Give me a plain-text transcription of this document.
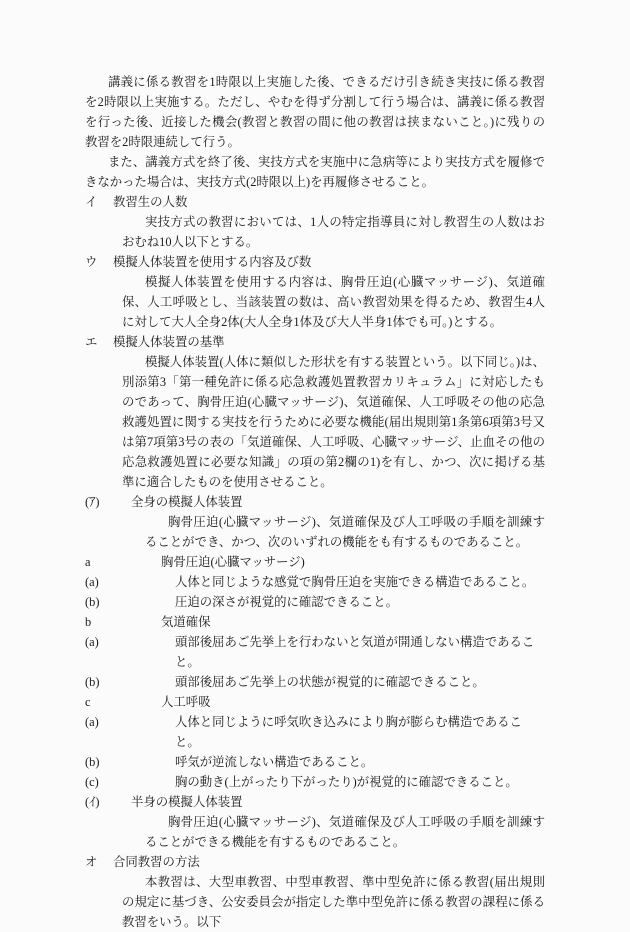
講義に係る教習を1時限以上実施した後、できるだけ引き続き実技に係る教習を2時限以上実施する。ただし、やむを得ず分割して行う場合は、講義に係る教習を行った後、近接した機会(教習と教習の間に他の教習は挟まないこと。)に残りの教習を2時限連続して行う。
また、講義方式を終了後、実技方式を実施中に急病等により実技方式を履修できなかった場合は、実技方式(2時限以上)を再履修させること。
イ 教習生の人数
実技方式の教習においては、1人の特定指導員に対し教習生の人数はおおむね10人以下とする。
ウ 模擬人体装置を使用する内容及び数
模擬人体装置を使用する内容は、胸骨圧迫(心臓マッサージ)、気道確保、人工呼吸とし、当該装置の数は、高い教習効果を得るため、教習生4人に対して大人全身2体(大人全身1体及び大人半身1体でも可。)とする。
エ 模擬人体装置の基準
模擬人体装置(人体に類似した形状を有する装置という。以下同じ。)は、別添第3「第一種免許に係る応急救護処置教習カリキュラム」に対応したものであって、胸骨圧迫(心臓マッサージ)、気道確保、人工呼吸その他の応急救護処置に関する実技を行うために必要な機能(届出規則第1条第6項第3号又は第7項第3号の表の「気道確保、人工呼吸、心臓マッサージ、止血その他の応急救護処置に必要な知識」の項の第2欄の1)を有し、かつ、次に掲げる基準に適合したものを使用させること。
(ｱ)	全身の模擬人体装置
胸骨圧迫(心臓マッサージ)、気道確保及び人工呼吸の手順を訓練することができ、かつ、次のいずれの機能をも有するものであること。
a	胸骨圧迫(心臓マッサージ)
(a)	人体と同じような感覚で胸骨圧迫を実施できる構造であること。
(b)	圧迫の深さが視覚的に確認できること。
b	気道確保
(a)	頭部後屈あご先挙上を行わないと気道が開通しない構造であること。
(b)	頭部後屈あご先挙上の状態が視覚的に確認できること。
c	人工呼吸
(a)	人体と同じように呼気吹き込みにより胸が膨らむ構造であること。
(b)	呼気が逆流しない構造であること。
(c)	胸の動き(上がったり下がったり)が視覚的に確認できること。
(ｲ)	半身の模擬人体装置
胸骨圧迫(心臓マッサージ)、気道確保及び人工呼吸の手順を訓練することができる機能を有するものであること。
オ 合同教習の方法
本教習は、大型車教習、中型車教習、準中型免許に係る教習(届出規則の規定に基づき、公安委員会が指定した準中型免許に係る教習の課程に係る教習をいう。以下
